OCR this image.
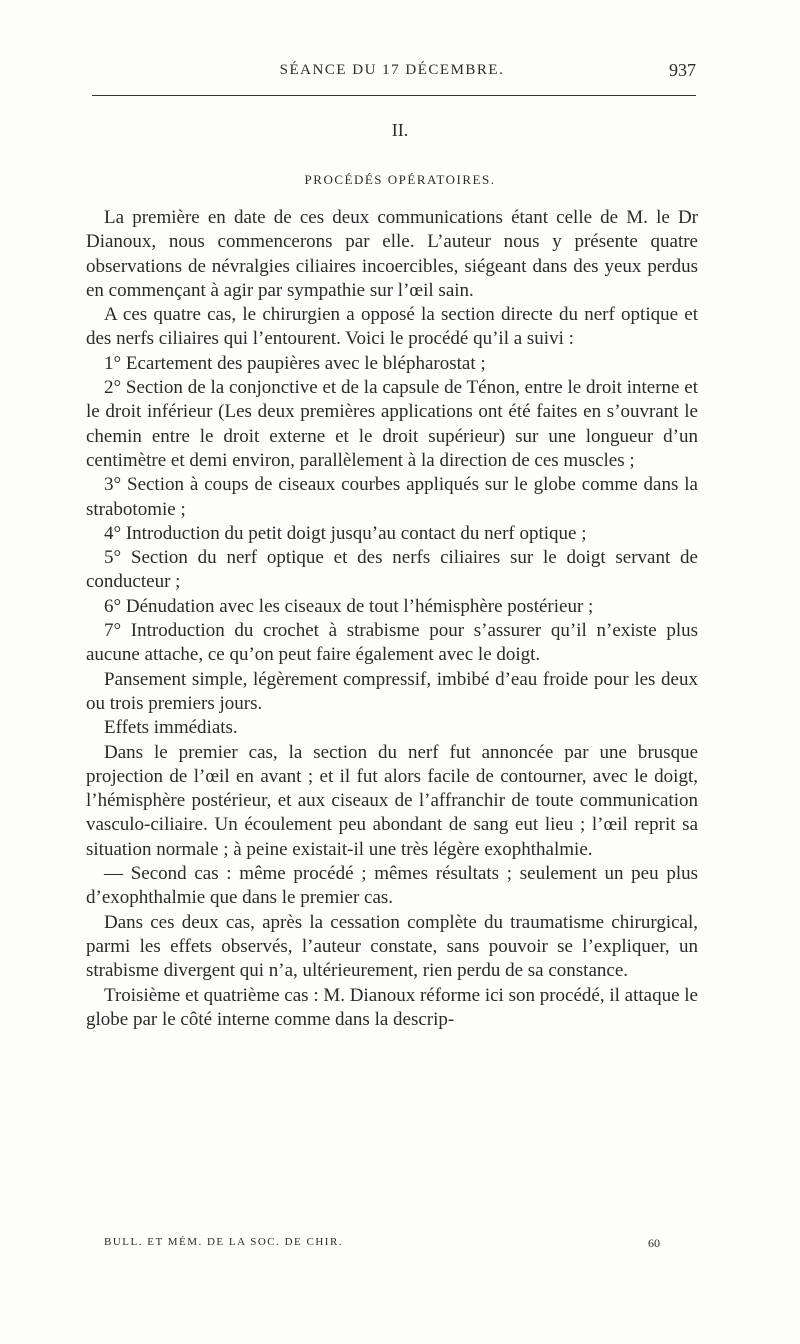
SÉANCE DU 17 DÉCEMBRE.	937
II.
PROCÉDÉS OPÉRATOIRES.

La première en date de ces deux communications étant celle de M. le Dr Dianoux, nous commencerons par elle. L’auteur nous y présente quatre observations de névralgies ciliaires incoercibles, siégeant dans des yeux perdus en commençant à agir par sympathie sur l’œil sain.

A ces quatre cas, le chirurgien a opposé la section directe du nerf optique et des nerfs ciliaires qui l’entourent. Voici le procédé qu’il a suivi :

1° Ecartement des paupières avec le blépharostat ;

2° Section de la conjonctive et de la capsule de Ténon, entre le droit interne et le droit inférieur (Les deux premières applications ont été faites en s’ouvrant le chemin entre le droit externe et le droit supérieur) sur une longueur d’un centimètre et demi environ, parallèlement à la direction de ces muscles ;

3° Section à coups de ciseaux courbes appliqués sur le globe comme dans la strabotomie ;

4° Introduction du petit doigt jusqu’au contact du nerf optique ;

5° Section du nerf optique et des nerfs ciliaires sur le doigt servant de conducteur ;

6° Dénudation avec les ciseaux de tout l’hémisphère postérieur ;

7° Introduction du crochet à strabisme pour s’assurer qu’il n’existe plus aucune attache, ce qu’on peut faire également avec le doigt.

Pansement simple, légèrement compressif, imbibé d’eau froide pour les deux ou trois premiers jours.

Effets immédiats.

Dans le premier cas, la section du nerf fut annoncée par une brusque projection de l’œil en avant ; et il fut alors facile de contourner, avec le doigt, l’hémisphère postérieur, et aux ciseaux de l’affranchir de toute communication vasculo-ciliaire. Un écoulement peu abondant de sang eut lieu ; l’œil reprit sa situation normale ; à peine existait-il une très légère exophthalmie.

— Second cas : même procédé ; mêmes résultats ; seulement un peu plus d’exophthalmie que dans le premier cas.

Dans ces deux cas, après la cessation complète du traumatisme chirurgical, parmi les effets observés, l’auteur constate, sans pouvoir se l’expliquer, un strabisme divergent qui n’a, ultérieurement, rien perdu de sa constance.

Troisième et quatrième cas : M. Dianoux réforme ici son procédé, il attaque le globe par le côté interne comme dans la descrip-

BULL. ET MÉM. DE LA SOC. DE CHIR.	60
